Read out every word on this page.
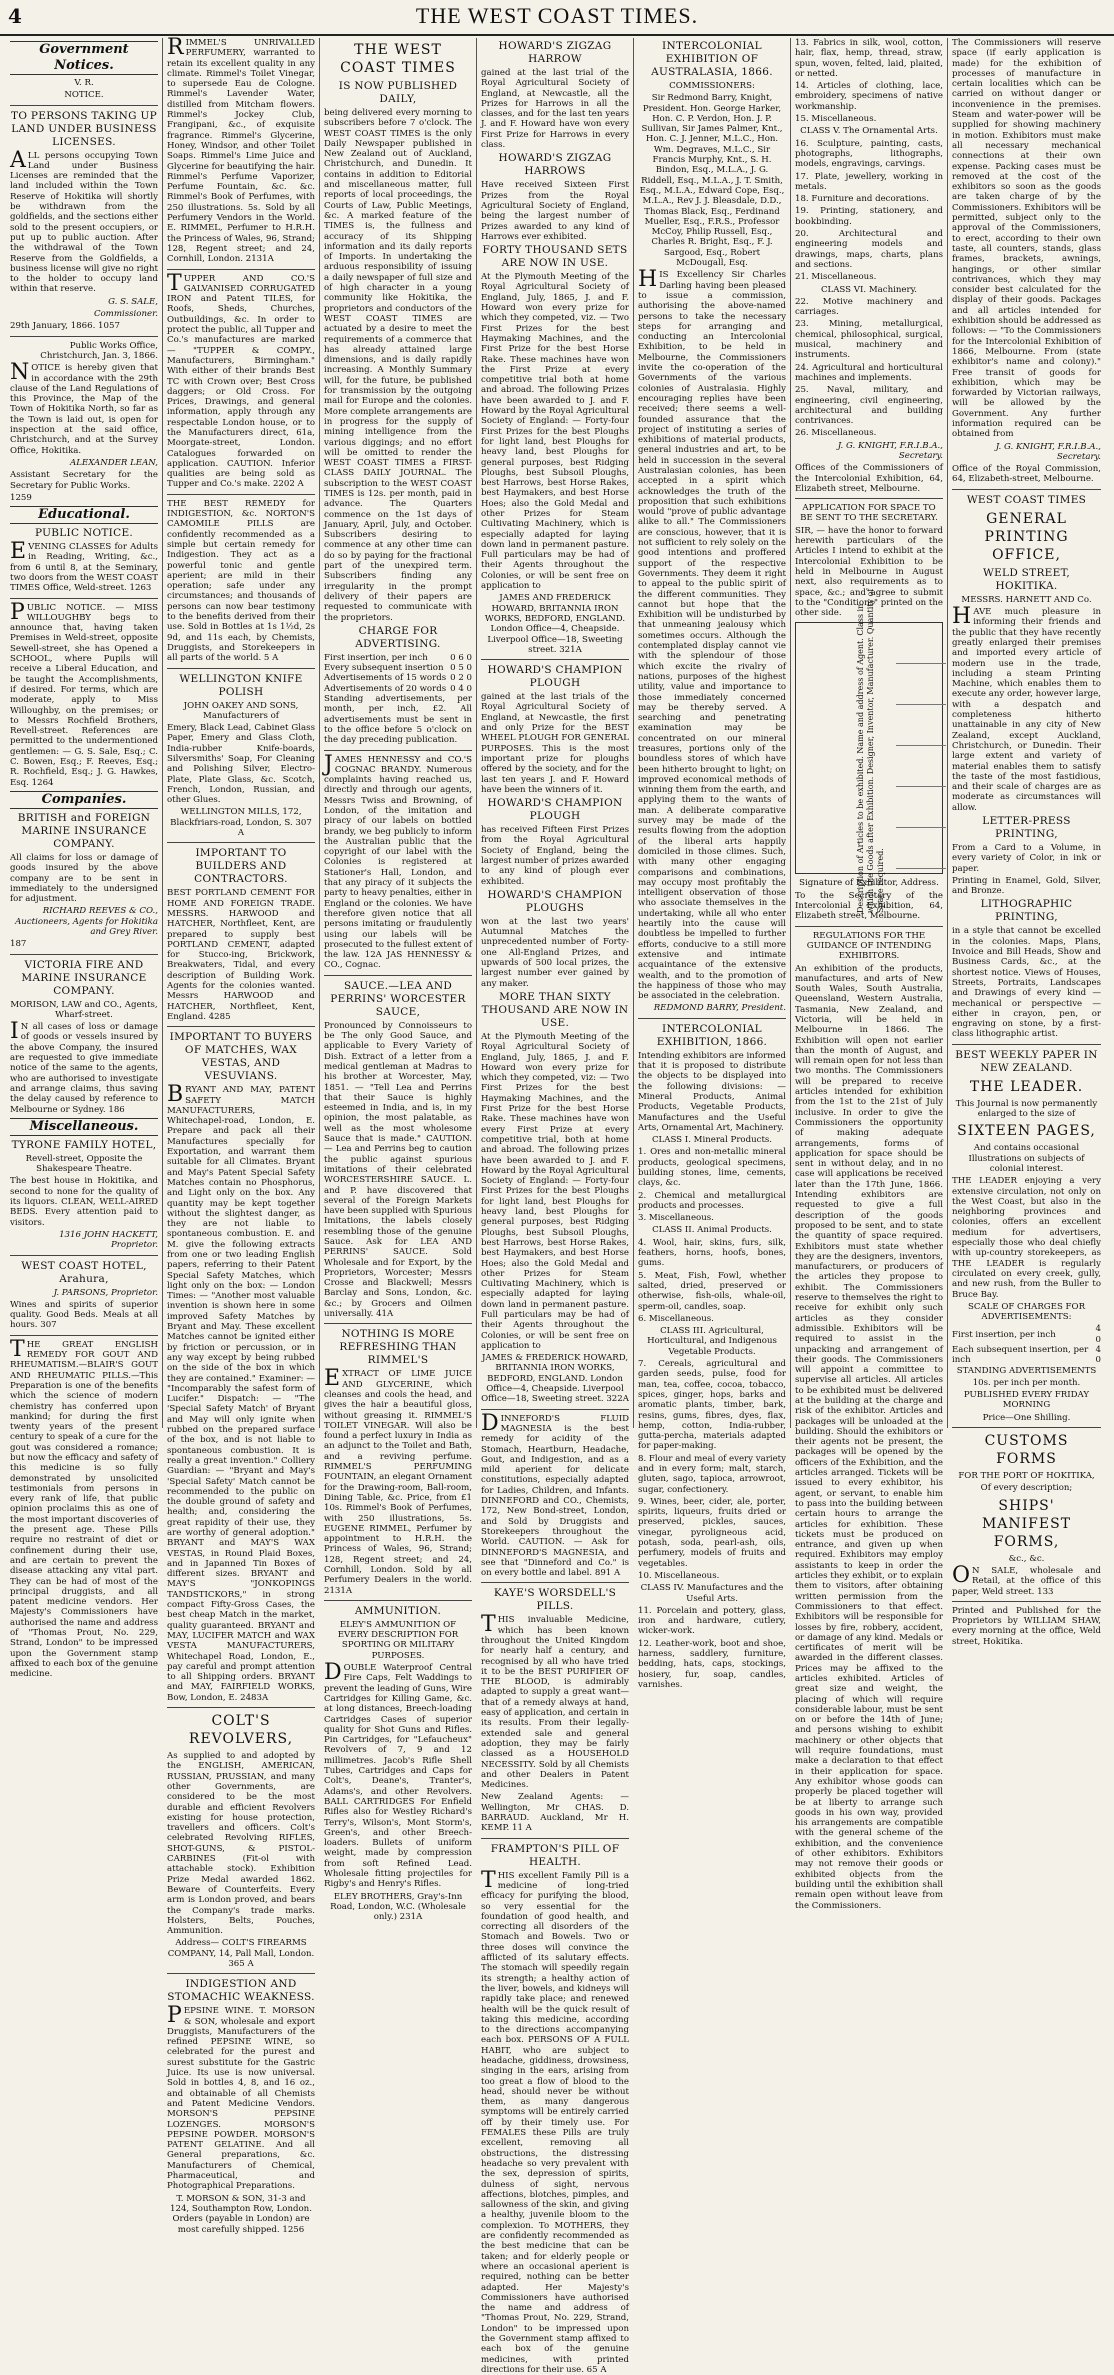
4	THE WEST COAST TIMES.
Government Notices.
V. R.
NOTICE.
TO PERSONS TAKING UP LAND UNDER BUSINESS LICENSES.

ALL persons occupying Town Land under Business Licenses are reminded that the land included within the Town Reserve of Hokitika will shortly be withdrawn from the goldfields, and the sections either sold to the present occupiers, or put up to public auction. After the withdrawal of the Town Reserve from the Goldfields, a business license will give no right to the holder to occupy land within that reserve.

G. S. SALE,
Commissioner.
29th January, 1866. 1057
Public Works Office, Christchurch, Jan. 3, 1866.

NOTICE is hereby given that in accordance with the 29th clause of the Land Regulations of this Province, the Map of the Town of Hokitika North, so far as the Town is laid out, is open for inspection at the said office, Christchurch, and at the Survey Office, Hokitika.

ALEXANDER LEAN,
Assistant Secretary for the Secretary for Public Works.
1259
Educational.
PUBLIC NOTICE.

EVENING CLASSES for Adults in Reading, Writing, &c., from 6 until 8, at the Seminary, two doors from the WEST COAST TIMES Office, Weld-street. 1263

PUBLIC NOTICE. — MISS WILLOUGHBY begs to announce that, having taken Premises in Weld-street, opposite Sewell-street, she has Opened a SCHOOL, where Pupils will receive a Liberal Education, and be taught the Accomplishments, if desired. For terms, which are moderate, apply to Miss Willoughby, on the premises; or to Messrs Rochfield Brothers, Revell-street. References are permitted to the undermentioned gentlemen: — G. S. Sale, Esq.; C. C. Bowen, Esq.; F. Reeves, Esq.; R. Rochfield, Esq.; J. G. Hawkes, Esq. 1264

Companies.
BRITISH and FOREIGN MARINE INSURANCE COMPANY.

All claims for loss or damage of goods insured by the above company are to be sent in immediately to the undersigned for adjustment.

RICHARD REEVES & CO., Auctioneers, Agents for Hokitika and Grey River.
187
VICTORIA FIRE AND MARINE INSURANCE COMPANY.
MORISON, LAW and CO., Agents, Wharf-street.

IN all cases of loss or damage of goods or vessels insured by the above Company, the insured are requested to give immediate notice of the same to the agents, who are authorised to investigate and arrange claims, thus saving the delay caused by reference to Melbourne or Sydney. 186

Miscellaneous.
TYRONE FAMILY HOTEL,
Revell-street, Opposite the Shakespeare Theatre.

The best house in Hokitika, and second to none for the quality of its liquors. CLEAN, WELL-AIRED BEDS. Every attention paid to visitors.

1316 JOHN HACKETT, Proprietor.
WEST COAST HOTEL, Arahura,
J. PARSONS, Proprietor.

Wines and spirits of superior quality. Good Beds. Meals at all hours. 307

THE GREAT ENGLISH REMEDY FOR GOUT AND RHEUMATISM.—BLAIR'S GOUT AND RHEUMATIC PILLS.—This Preparation is one of the benefits which the science of modern chemistry has conferred upon mankind; for during the first twenty years of the present century to speak of a cure for the gout was considered a romance; but now the efficacy and safety of this medicine is so fully demonstrated by unsolicited testimonials from persons in every rank of life, that public opinion proclaims this as one of the most important discoveries of the present age. These Pills require no restraint of diet or confinement during their use, and are certain to prevent the disease attacking any vital part. They can be had of most of the principal druggists, and all patent medicine vendors. Her Majesty's Commissioners have authorised the name and address of "Thomas Prout, No. 229, Strand, London" to be impressed upon the Government stamp affixed to each box of the genuine medicine.

RIMMEL'S UNRIVALLED PERFUMERY, warranted to retain its excellent quality in any climate. Rimmel's Toilet Vinegar, to supersede Eau de Cologne. Rimmel's Lavender Water, distilled from Mitcham flowers. Rimmel's Jockey Club, Frangipani, &c., of exquisite fragrance. Rimmel's Glycerine, Honey, Windsor, and other Toilet Soaps. Rimmel's Lime Juice and Glycerine for beautifying the hair. Rimmel's Perfume Vaporizer, Perfume Fountain, &c. &c. Rimmel's Book of Perfumes, with 250 illustrations. 5s. Sold by all Perfumery Vendors in the World. E. RIMMEL, Perfumer to H.R.H. the Princess of Wales, 96, Strand; 128, Regent street; and 24, Cornhill, London. 2131A

TUPPER AND CO.'S GALVANISED CORRUGATED IRON and Patent TILES, for Roofs, Sheds, Churches, Outbuildings, &c. In order to protect the public, all Tupper and Co.'s manufactures are marked — "TUPPER & COMPY., Manufacturers, Birmingham." With either of their brands Best TC with Crown over; Best Cross daggers; or Old Cross. For Prices, Drawings, and general information, apply through any respectable London house, or to the Manufacturers direct, 61a, Moorgate-street, London. Catalogues forwarded on application. CAUTION. Inferior qualities are being sold as Tupper and Co.'s make. 2202 A

THE BEST REMEDY for INDIGESTION, &c. NORTON'S CAMOMILE PILLS are confidently recommended as a simple but certain remedy for Indigestion. They act as a powerful tonic and gentle aperient; are mild in their operation; safe under any circumstances; and thousands of persons can now bear testimony to the benefits derived from their use. Sold in Bottles at 1s 1½d, 2s 9d, and 11s each, by Chemists, Druggists, and Storekeepers in all parts of the world. 5 A

WELLINGTON KNIFE POLISH
JOHN OAKEY AND SONS, Manufacturers of

Emery, Black Lead, Cabinet Glass Paper, Emery and Glass Cloth, India-rubber Knife-boards, Silversmiths' Soap, For Cleaning and Polishing Silver, Electro-Plate, Plate Glass, &c. Scotch, French, London, Russian, and other Glues.

WELLINGTON MILLS, 172, Blackfriars-road, London, S. 307 A
IMPORTANT TO BUILDERS AND CONTRACTORS.

BEST PORTLAND CEMENT FOR HOME AND FOREIGN TRADE. MESSRS. HARWOOD and HATCHER, Northfleet, Kent, are prepared to supply best PORTLAND CEMENT, adapted for Stucco-ing, Brickwork, Breakwaters, Tidal, and every description of Building Work. Agents for the colonies wanted. Messrs HARWOOD and HATCHER, Northfleet, Kent, England. 4285

IMPORTANT TO BUYERS OF MATCHES, WAX VESTAS, AND VESUVIANS.

BRYANT AND MAY, PATENT SAFETY MATCH MANUFACTURERS, Whitechapel-road, London, E. Prepare and pack all their Manufactures specially for Exportation, and warrant them suitable for all Climates. Bryant and May's Patent Special Safety Matches contain no Phosphorus, and Light only on the box. Any quantity may be kept together without the slightest danger, as they are not liable to spontaneous combustion. E. and M. give the following extracts from one or two leading English papers, referring to their Patent Special Safety Matches, which light only on the box: — London Times: — "Another most valuable invention is shown here in some improved Safety Matches by Bryant and May. These excellent Matches cannot be ignited either by friction or percussion, or in any way except by being rubbed on the side of the box in which they are contained." Examiner: — "Incomparably the safest form of Lucifer." Dispatch: — "The 'Special Safety Match' of Bryant and May will only ignite when rubbed on the prepared surface of the box, and is not liable to spontaneous combustion. It is really a great invention." Colliery Guardian: — "Bryant and May's 'Special Safety' Match cannot be recommended to the public on the double ground of safety and health; and, considering the great rapidity of their use, they are worthy of general adoption." BRYANT and MAY'S WAX VESTAS, in Round Plaid Boxes, and in Japanned Tin Boxes of different sizes. BRYANT and MAY'S "JONKOPINGS TANDSTICKORS," in strong compact Fifty-Gross Cases, the best cheap Match in the market, quality guaranteed. BRYANT and MAY, LUCIFER MATCH and WAX VESTA MANUFACTURERS, Whitechapel Road, London, E., pay careful and prompt attention to all Shipping orders. BRYANT and MAY, FAIRFIELD WORKS, Bow, London, E. 2483A

COLT'S REVOLVERS,

As supplied to and adopted by the ENGLISH, AMERICAN, RUSSIAN, PRUSSIAN, and many other Governments, are considered to be the most durable and efficient Revolvers existing for house protection, travellers and officers. Colt's celebrated Revolving RIFLES, SHOT-GUNS, & PISTOL-CARBINES (Fit-ol with attachable stock). Exhibition Prize Medal awarded 1862. Beware of Counterfeits. Every arm is London proved, and bears the Company's trade marks. Holsters, Belts, Pouches, Ammunition.

Address— COLT'S FIREARMS COMPANY, 14, Pall Mall, London. 365 A
INDIGESTION AND STOMACHIC WEAKNESS.

PEPSINE WINE. T. MORSON & SON, wholesale and export Druggists, Manufacturers of the refined PEPSINE WINE, so celebrated for the purest and surest substitute for the Gastric Juice. Its use is now universal. Sold in bottles 4, 8, and 16 oz., and obtainable of all Chemists and Patent Medicine Vendors. MORSON'S PEPSINE LOZENGES. MORSON'S PEPSINE POWDER. MORSON'S PATENT GELATINE. And all General preparations, &c. Manufacturers of Chemical, Pharmaceutical, and Photographical Preparations.

T. MORSON & SON, 31-3 and 124, Southampton Row, London. Orders (payable in London) are most carefully shipped. 1256
THE WEST COAST TIMES
IS NOW PUBLISHED DAILY,

being delivered every morning to subscribers before 7 o'clock. The WEST COAST TIMES is the only Daily Newspaper published in New Zealand out of Auckland, Christchurch, and Dunedin. It contains in addition to Editorial and miscellaneous matter, full reports of local proceedings, the Courts of Law, Public Meetings, &c. A marked feature of the TIMES is, the fullness and accuracy of its Shipping information and its daily reports of Imports. In undertaking the arduous responsibility of issuing a daily newspaper of full size and of high character in a young community like Hokitika, the proprietors and conductors of the WEST COAST TIMES are actuated by a desire to meet the requirements of a commerce that has already attained large dimensions, and is daily rapidly increasing. A Monthly Summary will, for the future, be published for transmission by the outgoing mail for Europe and the colonies. More complete arrangements are in progress for the supply of mining intelligence from the various diggings; and no effort will be omitted to render the WEST COAST TIMES a FIRST-CLASS DAILY JOURNAL. The subscription to the WEST COAST TIMES is 12s. per month, paid in advance. The Quarters commence on the 1st days of January, April, July, and October. Subscribers desiring to commence at any other time can do so by paying for the fractional part of the unexpired term. Subscribers finding any irregularity in the prompt delivery of their papers are requested to communicate with the proprietors.

CHARGE FOR ADVERTISING.
First insertion, per inch	0 6 0
Every subsequent insertion	0 5 0
Advertisements of 15 words	0 2 0
Advertisements of 20 words	0 4 0

Standing advertisements, per month, per inch, £2. All advertisements must be sent in to the office before 5 o'clock on the day preceding publication.

JAMES HENNESSY and CO.'S COGNAC BRANDY. Numerous complaints having reached us, directly and through our agents, Messrs Twiss and Browning, of London, of the imitation and piracy of our labels on bottled brandy, we beg publicly to inform the Australian public that the copyright of our label with the Colonies is registered at Stationer's Hall, London, and that any piracy of it subjects the party to heavy penalties, either in England or the colonies. We have therefore given notice that all persons imitating or fraudulently using our labels will be prosecuted to the fullest extent of the law. 12A JAS HENNESSY & CO., Cognac.

SAUCE.—LEA AND PERRINS' WORCESTER SAUCE,

Pronounced by Connoisseurs to be The only Good Sauce, and applicable to Every Variety of Dish. Extract of a letter from a medical gentleman at Madras to his brother at Worcester, May, 1851. — "Tell Lea and Perrins that their Sauce is highly esteemed in India, and is, in my opinion, the most palatable, as well as the most wholesome Sauce that is made." CAUTION. — Lea and Perrins beg to caution the public against spurious imitations of their celebrated WORCESTERSHIRE SAUCE. L. and P. have discovered that several of the Foreign Markets have been supplied with Spurious Imitations, the labels closely resembling those of the genuine Sauce. Ask for LEA AND PERRINS' SAUCE. Sold Wholesale and for Export, by the Proprietors, Worcester; Messrs Crosse and Blackwell; Messrs Barclay and Sons, London, &c. &c.; by Grocers and Oilmen universally. 41A

NOTHING IS MORE REFRESHING THAN RIMMEL'S

EXTRACT OF LIME JUICE AND GLYCERINE, which cleanses and cools the head, and gives the hair a beautiful gloss, without greasing it. RIMMEL'S TOILET VINEGAR. Will also be found a perfect luxury in India as an adjunct to the Toilet and Bath, and a reviving perfume. RIMMEL'S PERFUMING FOUNTAIN, an elegant Ornament for the Drawing-room, Ball-room, Dining Table, &c. Price, from £1 10s. Rimmel's Book of Perfumes, with 250 illustrations, 5s. EUGENE RIMMEL, Perfumer by appointment to H.R.H. the Princess of Wales, 96, Strand; 128, Regent street; and 24, Cornhill, London. Sold by all Perfumery Dealers in the world. 2131A

AMMUNITION.
ELEY'S AMMUNITION OF EVERY DESCRIPTION FOR SPORTING OR MILITARY PURPOSES.

DOUBLE Waterproof Central Fire Caps, Felt Waddings to prevent the leading of Guns, Wire Cartridges for Killing Game, &c. at long distances, Breech-loading Cartridges Cases of superior quality for Shot Guns and Rifles. Pin Cartridges, for "Lefaucheux" Revolvers of 7, 9 and 12 millimetres. Jacob's Rifle Shell Tubes, Cartridges and Caps for Colt's, Deane's, Tranter's, Adams's, and other Revolvers. BALL CARTRIDGES For Enfield Rifles also for Westley Richard's Terry's, Wilson's, Mont Storm's, Green's, and other Breech-loaders. Bullets of uniform weight, made by compression from soft Refined Lead. Wholesale fitting projectiles for Rigby's and Henry's Rifles.

ELEY BROTHERS, Gray's-Inn Road, London, W.C. (Wholesale only.) 231A
HOWARD'S ZIGZAG HARROW

gained at the last trial of the Royal Agricultural Society of England, at Newcastle, all the Prizes for Harrows in all the classes, and for the last ten years J. and F. Howard have won every First Prize for Harrows in every class.

HOWARD'S ZIGZAG HARROWS

Have received Sixteen First Prizes from the Royal Agricultural Society of England, being the largest number of Prizes awarded to any kind of Harrows ever exhibited.

FORTY THOUSAND SETS ARE NOW IN USE.

At the Plymouth Meeting of the Royal Agricultural Society of England, July, 1865, J. and F. Howard won every prize for which they competed, viz. — Two First Prizes for the best Haymaking Machines, and the First Prize for the best Horse Rake. These machines have won the First Prize at every competitive trial both at home and abroad. The following Prizes have been awarded to J. and F. Howard by the Royal Agricultural Society of England: — Forty-four First Prizes for the best Ploughs for light land, best Ploughs for heavy land, best Ploughs for general purposes, best Ridging Ploughs, best Subsoil Ploughs, best Harrows, best Horse Rakes, best Haymakers, and best Horse Hoes; also the Gold Medal and other Prizes for Steam Cultivating Machinery, which is especially adapted for laying down land in permanent pasture. Full particulars may be had of their Agents throughout the Colonies, or will be sent free on application to

JAMES AND FREDERICK HOWARD, BRITANNIA IRON WORKS, BEDFORD, ENGLAND. London Office—4, Cheapside. Liverpool Office—18, Sweeting street. 321A
HOWARD'S CHAMPION PLOUGH

gained at the last trials of the Royal Agricultural Society of England, at Newcastle, the first and only Prize for the BEST WHEEL PLOUGH FOR GENERAL PURPOSES. This is the most important prize for ploughs offered by the society, and for the last ten years J. and F. Howard have been the winners of it.

HOWARD'S CHAMPION PLOUGH

has received Fifteen First Prizes from the Royal Agricultural Society of England, being the largest number of prizes awarded to any kind of plough ever exhibited.

HOWARD'S CHAMPION PLOUGHS

won at the last two years' Autumnal Matches the unprecedented number of Forty-one All-England Prizes, and upwards of 500 local prizes, the largest number ever gained by any maker.

MORE THAN SIXTY THOUSAND ARE NOW IN USE.

At the Plymouth Meeting of the Royal Agricultural Society of England, July, 1865, J. and F. Howard won every prize for which they competed, viz: — Two First Prizes for the best Haymaking Machines, and the First Prize for the best Horse Rake. These machines have won every First Prize at every competitive trial, both at home and abroad. The following prizes have been awarded to J. and F. Howard by the Royal Agricultural Society of England: — Forty-four First Prizes for the best Ploughs for light land, best Ploughs for heavy land, best Ploughs for general purposes, best Ridging Ploughs, best Subsoil Ploughs, best Harrows, best Horse Rakes, best Haymakers, and best Horse Hoes; also the Gold Medal and other Prizes for Steam Cultivating Machinery, which is especially adapted for laying down land in permanent pasture. Full particulars may be had of their Agents throughout the Colonies, or will be sent free on application to

JAMES & FREDERICK HOWARD, BRITANNIA IRON WORKS, BEDFORD, ENGLAND. London Office—4, Cheapside. Liverpool Office—18, Sweeting street. 322A

DINNEFORD'S FLUID MAGNESIA is the best remedy for acidity of the Stomach, Heartburn, Headache, Gout, and Indigestion, and as a mild aperient for delicate constitutions, especially adapted for Ladies, Children, and Infants. DINNEFORD and CO., Chemists, 172, New Bond-street, London, and Sold by Druggists and Storekeepers throughout the World. CAUTION. — Ask for DINNEFORD'S MAGNESIA, and see that "Dinneford and Co." is on every bottle and label. 891 A

KAYE'S WORSDELL'S PILLS.

THIS invaluable Medicine, which has been known throughout the United Kingdom for nearly half a century, and recognised by all who have tried it to be the BEST PURIFIER OF THE BLOOD, is admirably adapted to supply a great want—that of a remedy always at hand, easy of application, and certain in its results. From their legally-extended sale and general adoption, they may be fairly classed as a HOUSEHOLD NECESSITY. Sold by all Chemists and other Dealers in Patent Medicines.

New Zealand Agents: — Wellington, Mr CHAS. D. BARRAUD. Auckland, Mr H. KEMP. 11 A
FRAMPTON'S PILL OF HEALTH.

THIS excellent Family Pill is a medicine of long-tried efficacy for purifying the blood, so very essential for the foundation of good health, and correcting all disorders of the Stomach and Bowels. Two or three doses will convince the afflicted of its salutary effects. The stomach will speedily regain its strength; a healthy action of the liver, bowels, and kidneys will rapidly take place; and renewed health will be the quick result of taking this medicine, according to the directions accompanying each box. PERSONS OF A FULL HABIT, who are subject to headache, giddiness, drowsiness, singing in the ears, arising from too great a flow of blood to the head, should never be without them, as many dangerous symptoms will be entirely carried off by their timely use. For FEMALES these Pills are truly excellent, removing all obstructions, the distressing headache so very prevalent with the sex, depression of spirits, dulness of sight, nervous affections, blotches, pimples, and sallowness of the skin, and giving a healthy, juvenile bloom to the complexion. To MOTHERS, they are confidently recommended as the best medicine that can be taken; and for elderly people or where an occasional aperient is required, nothing can be better adapted. Her Majesty's Commissioners have authorised the name and address of "Thomas Prout, No. 229, Strand, London" to be impressed upon the Government stamp affixed to each box of the genuine medicines, with printed directions for their use. 65 A

INTERCOLONIAL EXHIBITION OF AUSTRALASIA, 1866.
COMMISSIONERS:

Sir Redmond Barry, Knight, President. Hon. George Harker, Hon. C. P. Verdon, Hon. J. P. Sullivan, Sir James Palmer, Knt., Hon. C. J. Jenner, M.L.C., Hon. Wm. Degraves, M.L.C., Sir Francis Murphy, Knt., S. H. Bindon, Esq., M.L.A., J. G. Riddell, Esq., M.L.A., J. T. Smith, Esq., M.L.A., Edward Cope, Esq., M.L.A., Rev J. J. Bleasdale, D.D., Thomas Black, Esq., Ferdinand Mueller, Esq., F.R.S., Professor McCoy, Philip Russell, Esq., Charles R. Bright, Esq., F. J. Sargood, Esq., Robert McDougall, Esq.

HIS Excellency Sir Charles Darling having been pleased to issue a commission, authorising the above-named persons to take the necessary steps for arranging and conducting an Intercolonial Exhibition, to be held in Melbourne, the Commissioners invite the co-operation of the Governments of the various colonies of Australasia. Highly encouraging replies have been received; there seems a well-founded assurance that the project of instituting a series of exhibitions of material products, general industries and art, to be held in succession in the several Australasian colonies, has been accepted in a spirit which acknowledges the truth of the proposition that such exhibitions would "prove of public advantage alike to all." The Commissioners are conscious, however, that it is not sufficient to rely solely on the good intentions and proffered support of the respective Governments. They deem it right to appeal to the public spirit of the different communities. They cannot but hope that the Exhibition will be undisturbed by that unmeaning jealousy which sometimes occurs. Although the contemplated display cannot vie with the splendour of those which excite the rivalry of nations, purposes of the highest utility, value and importance to those immediately concerned may be thereby served. A searching and penetrating examination may be concentrated on our mineral treasures, portions only of the boundless stores of which have been hitherto brought to light; on improved economical methods of winning them from the earth, and applying them to the wants of man. A deliberate comparative survey may be made of the results flowing from the adoption of the liberal arts happily domiciled in those climes. Such, with many other engaging comparisons and combinations, may occupy most profitably the intelligent observation of those who associate themselves in the undertaking, while all who enter heartily into the cause will doubtless be impelled to further efforts, conducive to a still more extensive and intimate acquaintance of the extensive wealth, and to the promotion of the happiness of those who may be associated in the celebration.

REDMOND BARRY, President.
INTERCOLONIAL EXHIBITION, 1866.

Intending exhibitors are informed that it is proposed to distribute the objects to be displayed into the following divisions: — Mineral Products, Animal Products, Vegetable Products, Manufactures and the Useful Arts, Ornamental Art, Machinery.

CLASS I. Mineral Products.
1. Ores and non-metallic mineral products, geological specimens, building stones, lime, cements, clays, &c.
2. Chemical and metallurgical products and processes.
3. Miscellaneous.
CLASS II. Animal Products.
4. Wool, hair, skins, furs, silk, feathers, horns, hoofs, bones, gums.
5. Meat, Fish, Fowl, whether salted, dried, preserved or otherwise, fish-oils, whale-oil, sperm-oil, candles, soap.
6. Miscellaneous.
CLASS III. Agricultural, Horticultural, and Indigenous Vegetable Products.
7. Cereals, agricultural and garden seeds, pulse, food for man, tea, coffee, cocoa, tobacco, spices, ginger, hops, barks and aromatic plants, timber, bark, resins, gums, fibres, dyes, flax, hemp, cotton, India-rubber, gutta-percha, materials adapted for paper-making.
8. Flour and meal of every variety and in every form; malt, starch, gluten, sago, tapioca, arrowroot, sugar, confectionery.
9. Wines, beer, cider, ale, porter, spirits, liqueurs, fruits dried or preserved, pickles, sauces, vinegar, pyroligneous acid, potash, soda, pearl-ash, oils, perfumery, models of fruits and vegetables.
10. Miscellaneous.
CLASS IV. Manufactures and the Useful Arts.
11. Porcelain and pottery, glass, iron and hardware, cutlery, wicker-work.
12. Leather-work, boot and shoe, harness, saddlery, furniture, bedding, hats, caps, stockings, hosiery, fur, soap, candles, varnishes.
13. Fabrics in silk, wool, cotton, hair, flax, hemp, thread, straw, spun, woven, felted, laid, plaited, or netted.
14. Articles of clothing, lace, embroidery, specimens of native workmanship.
15. Miscellaneous.
CLASS V. The Ornamental Arts.
16. Sculpture, painting, casts, photographs, lithographs, models, engravings, carvings.
17. Plate, jewellery, working in metals.
18. Furniture and decorations.
19. Printing, stationery, and bookbinding.
20. Architectural and engineering models and drawings, maps, charts, plans and sections.
21. Miscellaneous.
CLASS VI. Machinery.
22. Motive machinery and carriages.
23. Mining, metallurgical, chemical, philosophical, surgical, musical, machinery and instruments.
24. Agricultural and horticultural machines and implements.
25. Naval, military, and engineering, civil engineering, architectural and building contrivances.
26. Miscellaneous.
J. G. KNIGHT, F.R.I.B.A., Secretary.

Offices of the Commissioners of the Intercolonial Exhibition, 64, Elizabeth street, Melbourne.

APPLICATION FOR SPACE TO BE SENT TO THE SECRETARY.

SIR, — have the honor to forward herewith particulars of the Articles I intend to exhibit at the Intercolonial Exhibition to be held in Melbourne in August next, also requirements as to space, &c.; and agree to submit to the "Conditions" printed on the other side.	Description of Articles to be exhibited. Name and address of Agent. Class in which the Goods after Exhibition. Designer, Inventor, Manufacturer. Quantity of Space required.
Signature of Exhibitor, Address.

To the Secretary of the Intercolonial Exhibition, 64, Elizabeth street, Melbourne.

REGULATIONS FOR THE GUIDANCE OF INTENDING EXHIBITORS.

An exhibition of the products, manufactures, and arts of New South Wales, South Australia, Queensland, Western Australia, Tasmania, New Zealand, and Victoria, will be held in Melbourne in 1866. The Exhibition will open not earlier than the month of August, and will remain open for not less than two months. The Commissioners will be prepared to receive articles intended for exhibition from the 1st to the 21st of July inclusive. In order to give the Commissioners the opportunity of making adequate arrangements, forms of application for space should be sent in without delay, and in no case will applications be received later than the 17th June, 1866. Intending exhibitors are requested to give a full description of the goods proposed to be sent, and to state the quantity of space required. Exhibitors must state whether they are the designers, inventors, manufacturers, or producers of the articles they propose to exhibit. The Commissioners reserve to themselves the right to receive for exhibit only such articles as they consider admissible. Exhibitors will be required to assist in the unpacking and arrangement of their goods. The Commissioners will appoint a committee to supervise all articles. All articles to be exhibited must be delivered at the building at the charge and risk of the exhibitor. Articles and packages will be unloaded at the building. Should the exhibitors or their agents not be present, the packages will be opened by the officers of the Exhibition, and the articles arranged. Tickets will be issued to every exhibitor, his agent, or servant, to enable him to pass into the building between certain hours to arrange the articles for exhibition. These tickets must be produced on entrance, and given up when required. Exhibitors may employ assistants to keep in order the articles they exhibit, or to explain them to visitors, after obtaining written permission from the Commissioners to that effect. Exhibitors will be responsible for losses by fire, robbery, accident, or damage of any kind. Medals or certificates of merit will be awarded in the different classes. Prices may be affixed to the articles exhibited. Articles of great size and weight, the placing of which will require considerable labour, must be sent on or before the 14th of June; and persons wishing to exhibit machinery or other objects that will require foundations, must make a declaration to that effect in their application for space. Any exhibitor whose goods can properly be placed together will be at liberty to arrange such goods in his own way, provided his arrangements are compatible with the general scheme of the exhibition, and the convenience of other exhibitors. Exhibitors may not remove their goods or exhibited objects from the building until the exhibition shall remain open without leave from the Commissioners.

The Commissioners will reserve space (if early application is made) for the exhibition of processes of manufacture in certain localities which can be carried on without danger or inconvenience in the premises. Steam and water-power will be supplied for showing machinery in motion. Exhibitors must make all necessary mechanical connections at their own expense. Packing cases must be removed at the cost of the exhibitors so soon as the goods are taken charge of by the Commissioners. Exhibitors will be permitted, subject only to the approval of the Commissioners, to erect, according to their own taste, all counters, stands, glass frames, brackets, awnings, hangings, or other similar contrivances, which they may consider best calculated for the display of their goods. Packages and all articles intended for exhibition should be addressed as follows: — "To the Commissioners for the Intercolonial Exhibition of 1866, Melbourne. From (state exhibitor's name and colony)." Free transit of goods for exhibition, which may be forwarded by Victorian railways, will be allowed by the Government. Any further information required can be obtained from

J. G. KNIGHT, F.R.I.B.A., Secretary.

Office of the Royal Commission, 64, Elizabeth-street, Melbourne.

WEST COAST TIMES
GENERAL PRINTING OFFICE,
WELD STREET, HOKITIKA.
MESSRS. HARNETT AND Co.

HAVE much pleasure in informing their friends and the public that they have recently greatly enlarged their premises and imported every article of modern use in the trade, including a steam Printing Machine, which enables them to execute any order, however large, with a despatch and completeness hitherto unattainable in any city of New Zealand, except Auckland, Christchurch, or Dunedin. Their large extent and variety of material enables them to satisfy the taste of the most fastidious, and their scale of charges are as moderate as circumstances will allow.

LETTER-PRESS PRINTING,

From a Card to a Volume, in every variety of Color, in ink or paper.

Printing in Enamel, Gold, Silver, and Bronze.

LITHOGRAPHIC PRINTING,

in a style that cannot be excelled in the colonies. Maps, Plans, Invoice and Bill Heads, Show and Business Cards, &c., at the shortest notice. Views of Houses, Streets, Portraits, Landscapes and Drawings of every kind — mechanical or perspective — either in crayon, pen, or engraving on stone, by a first-class lithographic artist.

BEST WEEKLY PAPER IN NEW ZEALAND.
THE LEADER.
This Journal is now permanently enlarged to the size of
SIXTEEN PAGES,
And contains occasional Illustrations on subjects of colonial interest.

THE LEADER enjoying a very extensive circulation, not only on the West Coast, but also in the neighboring provinces and colonies, offers an excellent medium for advertisers, especially those who deal chiefly with up-country storekeepers, as THE LEADER is regularly circulated on every creek, gully, and new rush, from the Buller to Bruce Bay.

SCALE OF CHARGES FOR ADVERTISEMENTS:
First insertion, per inch	4 0
Each subsequent insertion, per inch	4 0
STANDING ADVERTISEMENTS
10s. per inch per month.
PUBLISHED EVERY FRIDAY MORNING
Price—One Shilling.
CUSTOMS FORMS
FOR THE PORT OF HOKITIKA,
Of every description;
SHIPS' MANIFEST FORMS,
&c., &c.

ON SALE, wholesale and Retail, at the office of this paper, Weld street. 133

Printed and Published for the Proprietors by WILLIAM SHAW, every morning at the office, Weld street, Hokitika.
